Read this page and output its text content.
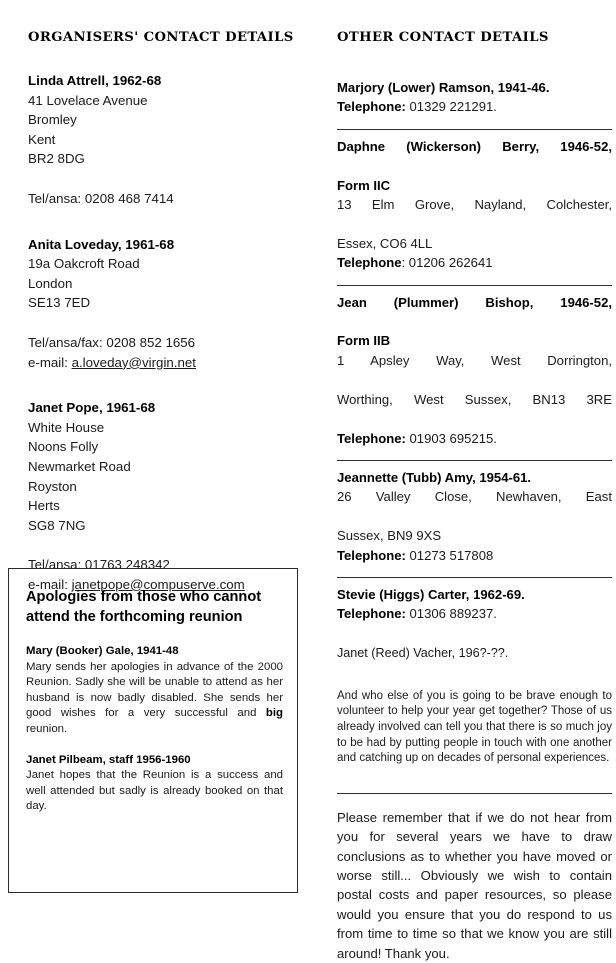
ORGANISERS' CONTACT DETAILS
Linda Attrell, 1962-68
41 Lovelace Avenue
Bromley
Kent
BR2 8DG
Tel/ansa: 0208 468 7414
Anita Loveday, 1961-68
19a Oakcroft Road
London
SE13 7ED
Tel/ansa/fax: 0208 852 1656
e-mail: a.loveday@virgin.net
Janet Pope, 1961-68
White House
Noons Folly
Newmarket Road
Royston
Herts
SG8 7NG
Tel/ansa: 01763 248342
e-mail: janetpope@compuserve.com
Apologies from those who cannot attend the forthcoming reunion
Mary (Booker) Gale, 1941-48
Mary sends her apologies in advance of the 2000 Reunion. Sadly she will be unable to attend as her husband is now badly disabled. She sends her good wishes for a very successful and big reunion.
Janet Pilbeam, staff 1956-1960
Janet hopes that the Reunion is a success and well attended but sadly is already booked on that day.
OTHER CONTACT DETAILS
Marjory (Lower) Ramson, 1941-46.
Telephone: 01329 221291.
Daphne (Wickerson) Berry, 1946-52,
Form IIC
13 Elm Grove, Nayland, Colchester,
Essex, CO6 4LL
Telephone: 01206 262641
Jean (Plummer) Bishop, 1946-52,
Form IIB
1 Apsley Way, West Dorrington,
Worthing, West Sussex, BN13 3RE
Telephone: 01903 695215.
Jeannette (Tubb) Amy, 1954-61.
26 Valley Close, Newhaven, East
Sussex, BN9 9XS
Telephone: 01273 517808
Stevie (Higgs) Carter, 1962-69.
Telephone: 01306 889237.
Janet (Reed) Vacher, 196?-??.
And who else of you is going to be brave enough to volunteer to help your year get together? Those of us already involved can tell you that there is so much joy to be had by putting people in touch with one another and catching up on decades of personal experiences.
Please remember that if we do not hear from you for several years we have to draw conclusions as to whether you have moved or worse still... Obviously we wish to contain postal costs and paper resources, so please would you ensure that you do respond to us from time to time so that we know you are still around! Thank you.
